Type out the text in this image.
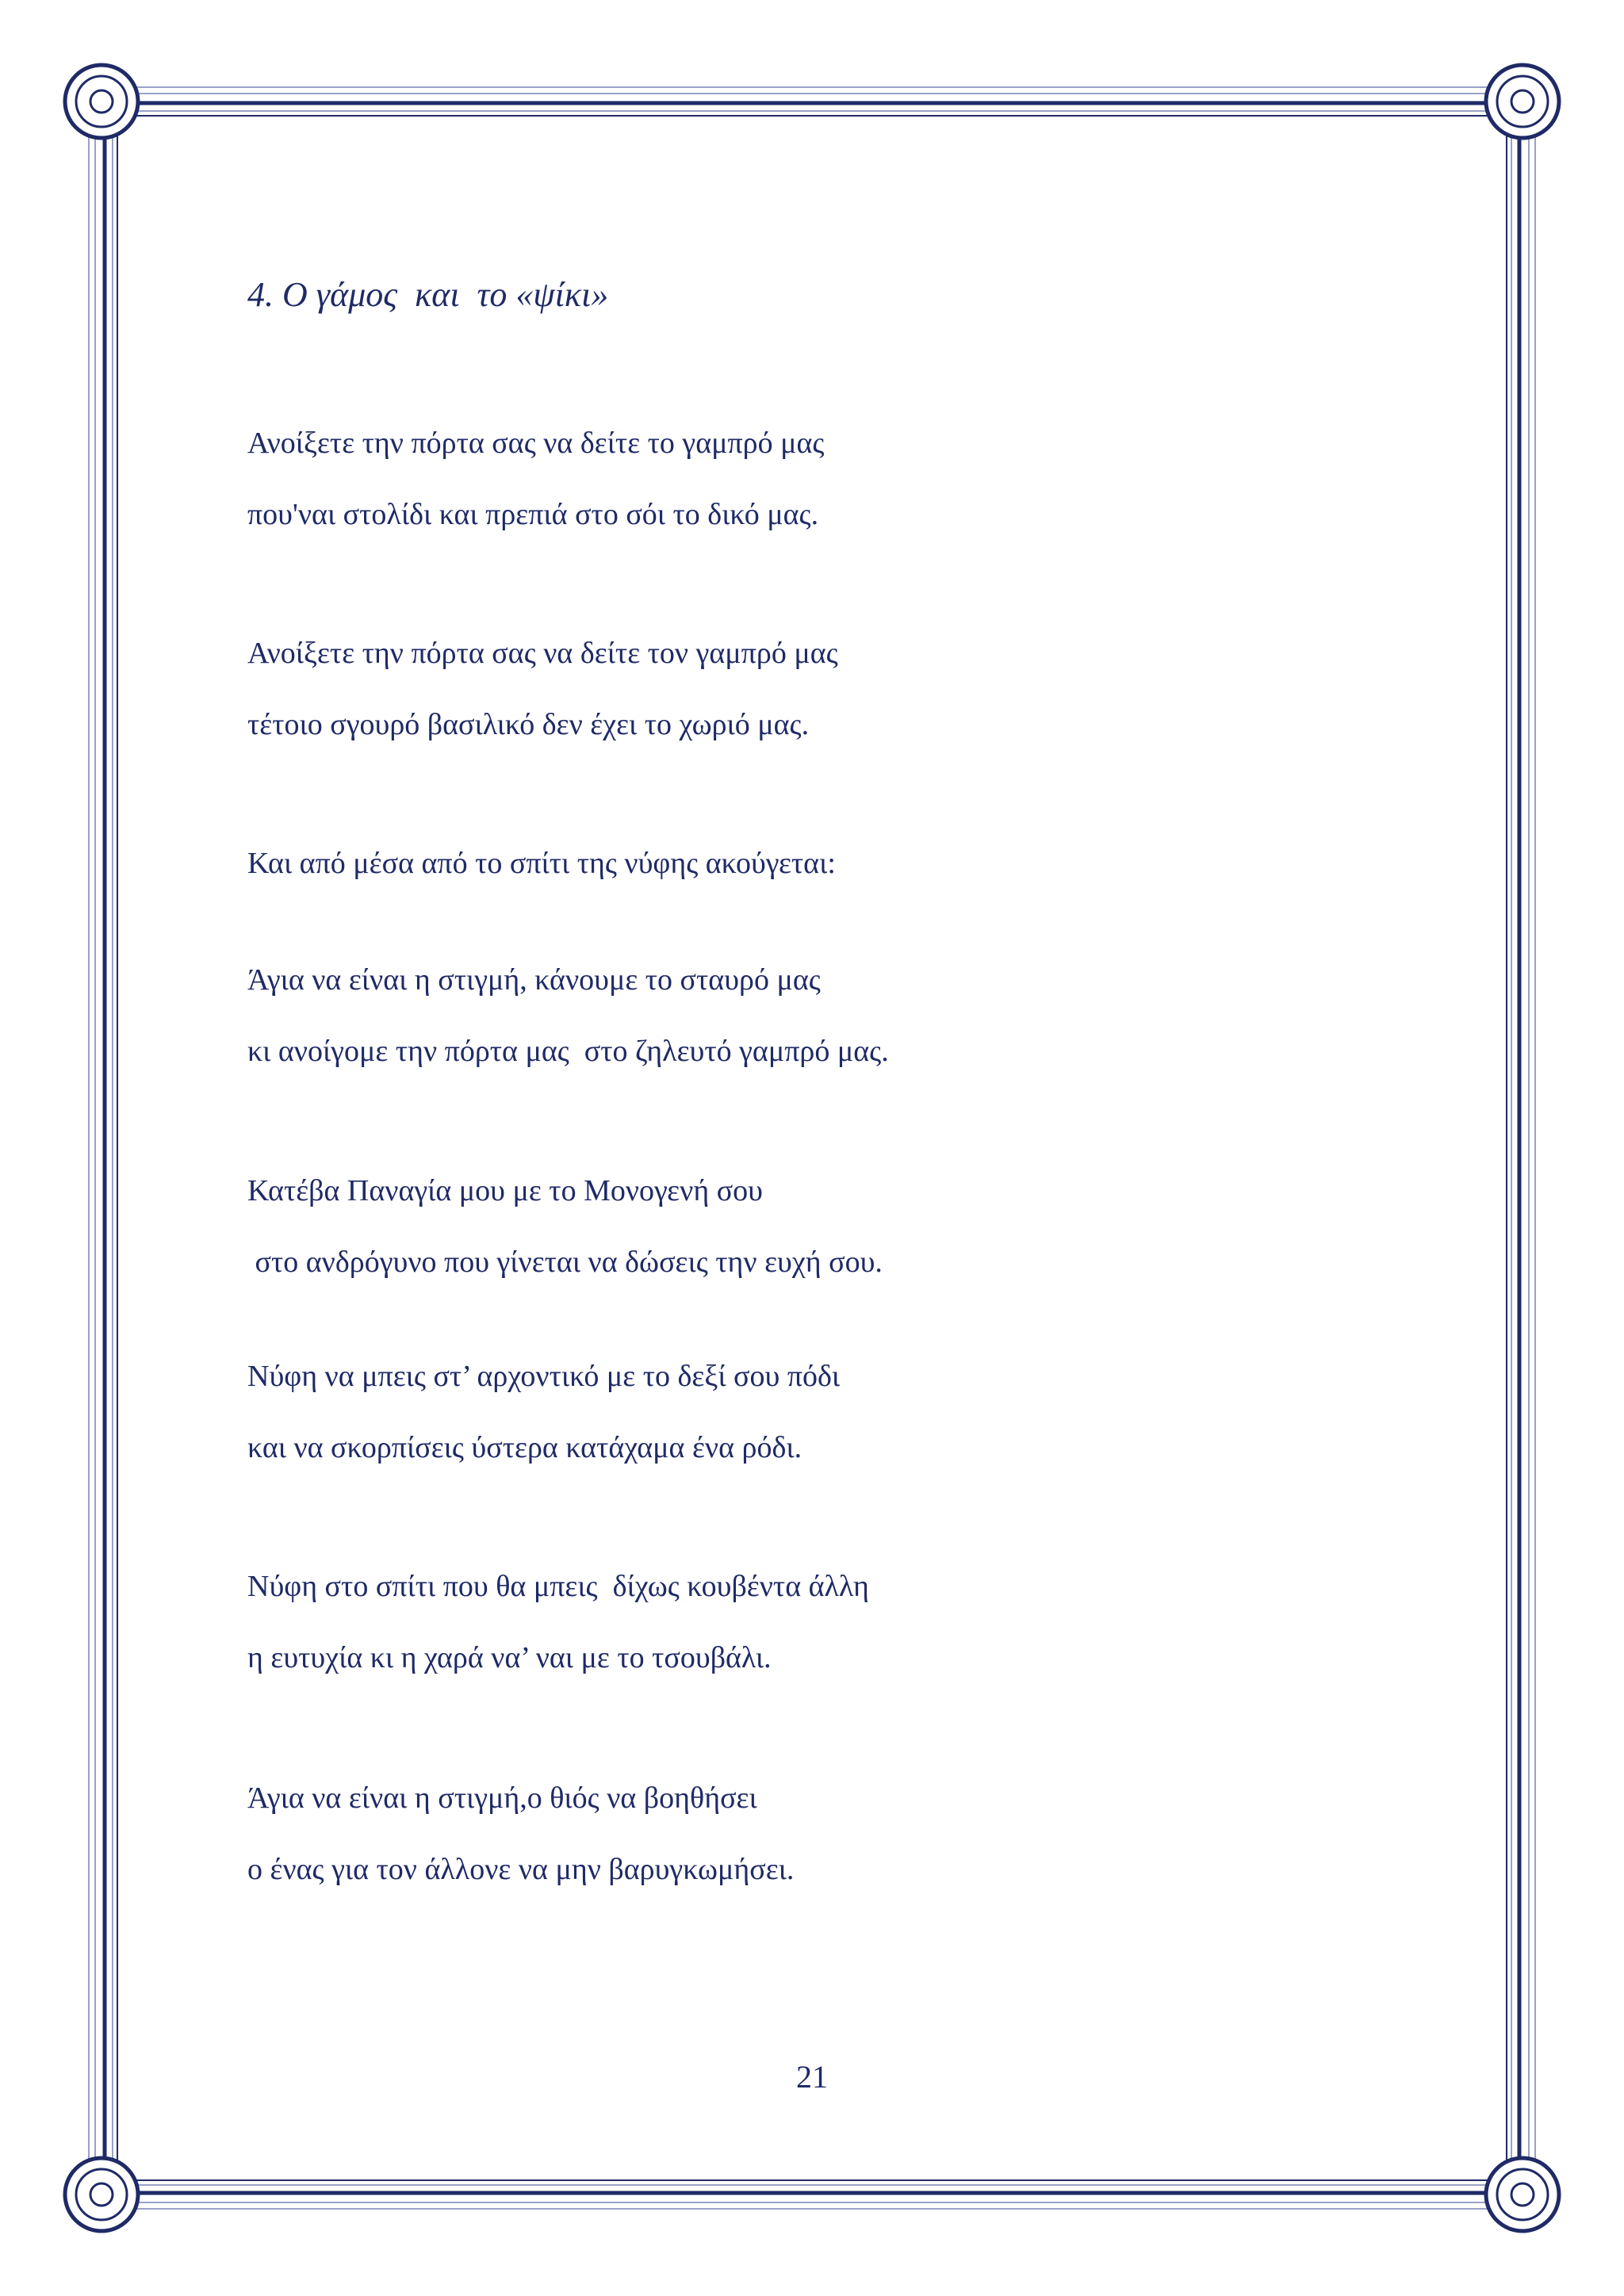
4. Ο γάμος  και  το «ψίκι»
Ανοίξετε την πόρτα σας να δείτε το γαμπρό μας
που'ναι στολίδι και πρεπιά στο σόι το δικό μας.
Ανοίξετε την πόρτα σας να δείτε τον γαμπρό μας
τέτοιο σγουρό βασιλικό δεν έχει το χωριό μας.
Και από μέσα από το σπίτι της νύφης ακούγεται:
Άγια να είναι η στιγμή, κάνουμε το σταυρό μας
κι ανοίγομε την πόρτα μας  στο ζηλευτό γαμπρό μας.
Κατέβα Παναγία μου με το Μονογενή σου
στο ανδρόγυνο που γίνεται να δώσεις την ευχή σου.
Νύφη να μπεις στ’ αρχοντικό με το δεξί σου πόδι
και να σκορπίσεις ύστερα κατάχαμα ένα ρόδι.
Νύφη στο σπίτι που θα μπεις  δίχως κουβέντα άλλη
η ευτυχία κι η χαρά να’ ναι με το τσουβάλι.
Άγια να είναι η στιγμή,ο θιός να βοηθήσει
ο ένας για τον άλλονε να μην βαρυγκωμήσει.
21
